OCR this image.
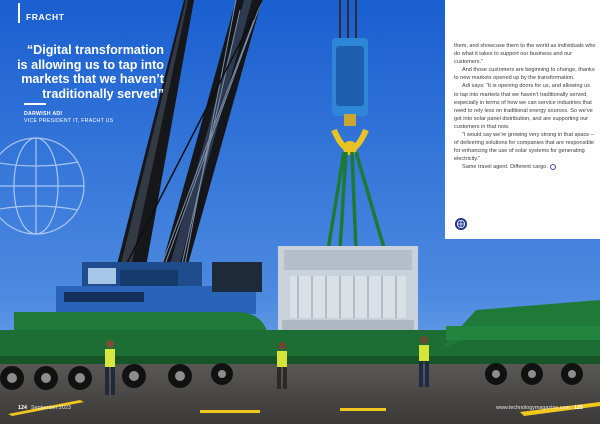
FRACHT
“Digital transformation
is allowing us to tap into
markets that we haven’t
traditionally served”
DARWISH ADI
VICE PRESIDENT IT, FRACHT US

them, and showcase them to the world as individuals who do what it takes to support our business and our customers.”

And those customers are beginning to change, thanks to new markets opened up by the transformation.

Adi says: “It is opening doors for us, and allowing us to tap into markets that we haven’t traditionally served, especially in terms of how we can service industries that need to rely less on traditional energy sources. So we’ve got into solar panel distribution, and are supporting our customers in that now.

“I would say we’re growing very strong in that space – of delivering solutions for companies that are responsible for enhancing the use of solar systems for generating electricity.”

Same travel agent. Different cargo.

124 September 2023	www.technologymagazine.com 125
